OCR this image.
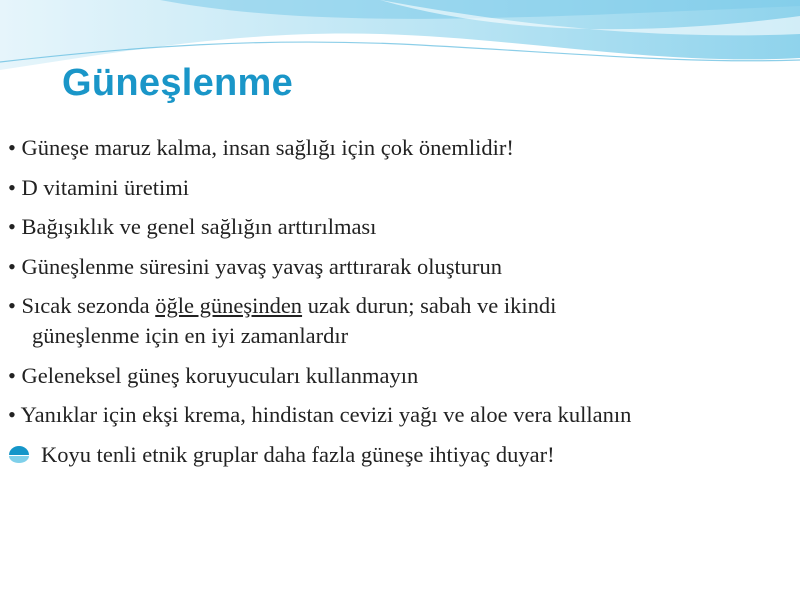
Güneşlenme
• Güneşe maruz kalma, insan sağlığı için çok önemlidir!
• D vitamini üretimi
• Bağışıklık ve genel sağlığın arttırılması
• Güneşlenme süresini yavaş yavaş arttırarak oluşturun
• Sıcak sezonda öğle güneşinden uzak durun; sabah ve ikindi
güneşlenme için en iyi zamanlardır
• Geleneksel güneş koruyucuları kullanmayın
• Yanıklar için ekşi krema, hindistan cevizi yağı ve aloe vera kullanın
Koyu tenli etnik gruplar daha fazla güneşe ihtiyaç duyar!
